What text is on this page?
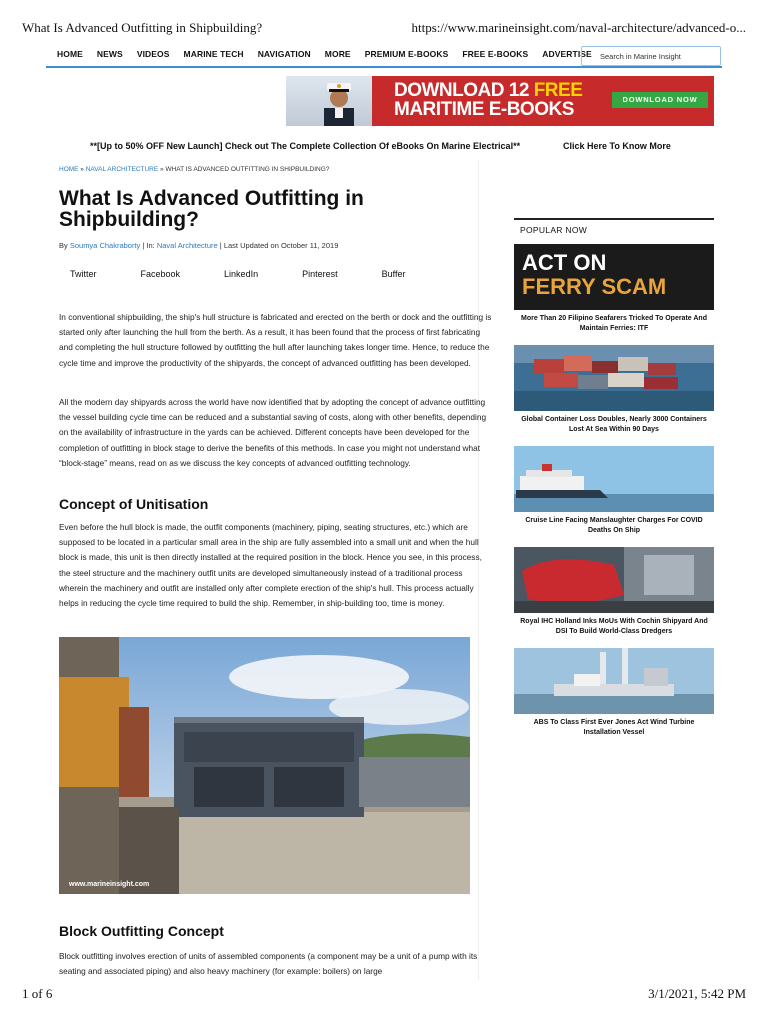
What Is Advanced Outfitting in Shipbuilding?	https://www.marineinsight.com/naval-architecture/advanced-o...
HOME NEWS VIDEOS MARINE TECH NAVIGATION MORE PREMIUM E-BOOKS FREE E-BOOKS ADVERTISE	Search in Marine Insight
DOWNLOAD 12 FREE
MARITIME E-BOOKS	DOWNLOAD NOW
**[Up to 50% OFF New Launch] Check out The Complete Collection Of eBooks On Marine Electrical**	Click Here To Know More
HOME » NAVAL ARCHITECTURE » WHAT IS ADVANCED OUTFITTING IN SHIPBUILDING?
What Is Advanced Outfitting in Shipbuilding?
By Soumya Chakraborty | In: Naval Architecture | Last Updated on October 11, 2019
Twitter	Facebook	LinkedIn	Pinterest	Buffer

In conventional shipbuilding, the ship's hull structure is fabricated and erected on the berth or dock and the outfitting is started only after launching the hull from the berth. As a result, it has been found that the process of first fabricating and completing the hull structure followed by outfitting the hull after launching takes longer time. Hence, to reduce the cycle time and improve the productivity of the shipyards, the concept of advanced outfitting has been developed.

All the modern day shipyards across the world have now identified that by adopting the concept of advance outfitting the vessel building cycle time can be reduced and a substantial saving of costs, along with other benefits, depending on the availability of infrastructure in the yards can be achieved. Different concepts have been developed for the completion of outfitting in block stage to derive the benefits of this methods. In case you might not understand what “block-stage” means, read on as we discuss the key concepts of advanced outfitting technology.

Concept of Unitisation

Even before the hull block is made, the outfit components (machinery, piping, seating structures, etc.) which are supposed to be located in a particular small area in the ship are fully assembled into a small unit and when the hull block is made, this unit is then directly installed at the required position in the block. Hence you see, in this process, the steel structure and the machinery outfit units are developed simultaneously instead of a traditional process wherein the machinery and outfit are installed only after complete erection of the ship's hull. This process actually helps in reducing the cycle time required to build the ship. Remember, in ship-building too, time is money.

www.marineinsight.com
Block Outfitting Concept

Block outfitting involves erection of units of assembled components (a component may be a unit of a pump with its seating and associated piping) and also heavy machinery (for example: boilers) on large

POPULAR NOW
ACT ON
FERRY SCAM
More Than 20 Filipino Seafarers Tricked To Operate And Maintain Ferries: ITF
Global Container Loss Doubles, Nearly 3000 Containers Lost At Sea Within 90 Days
Cruise Line Facing Manslaughter Charges For COVID Deaths On Ship
Royal IHC Holland Inks MoUs With Cochin Shipyard And DSI To Build World-Class Dredgers
ABS To Class First Ever Jones Act Wind Turbine Installation Vessel
1 of 6	3/1/2021, 5:42 PM
